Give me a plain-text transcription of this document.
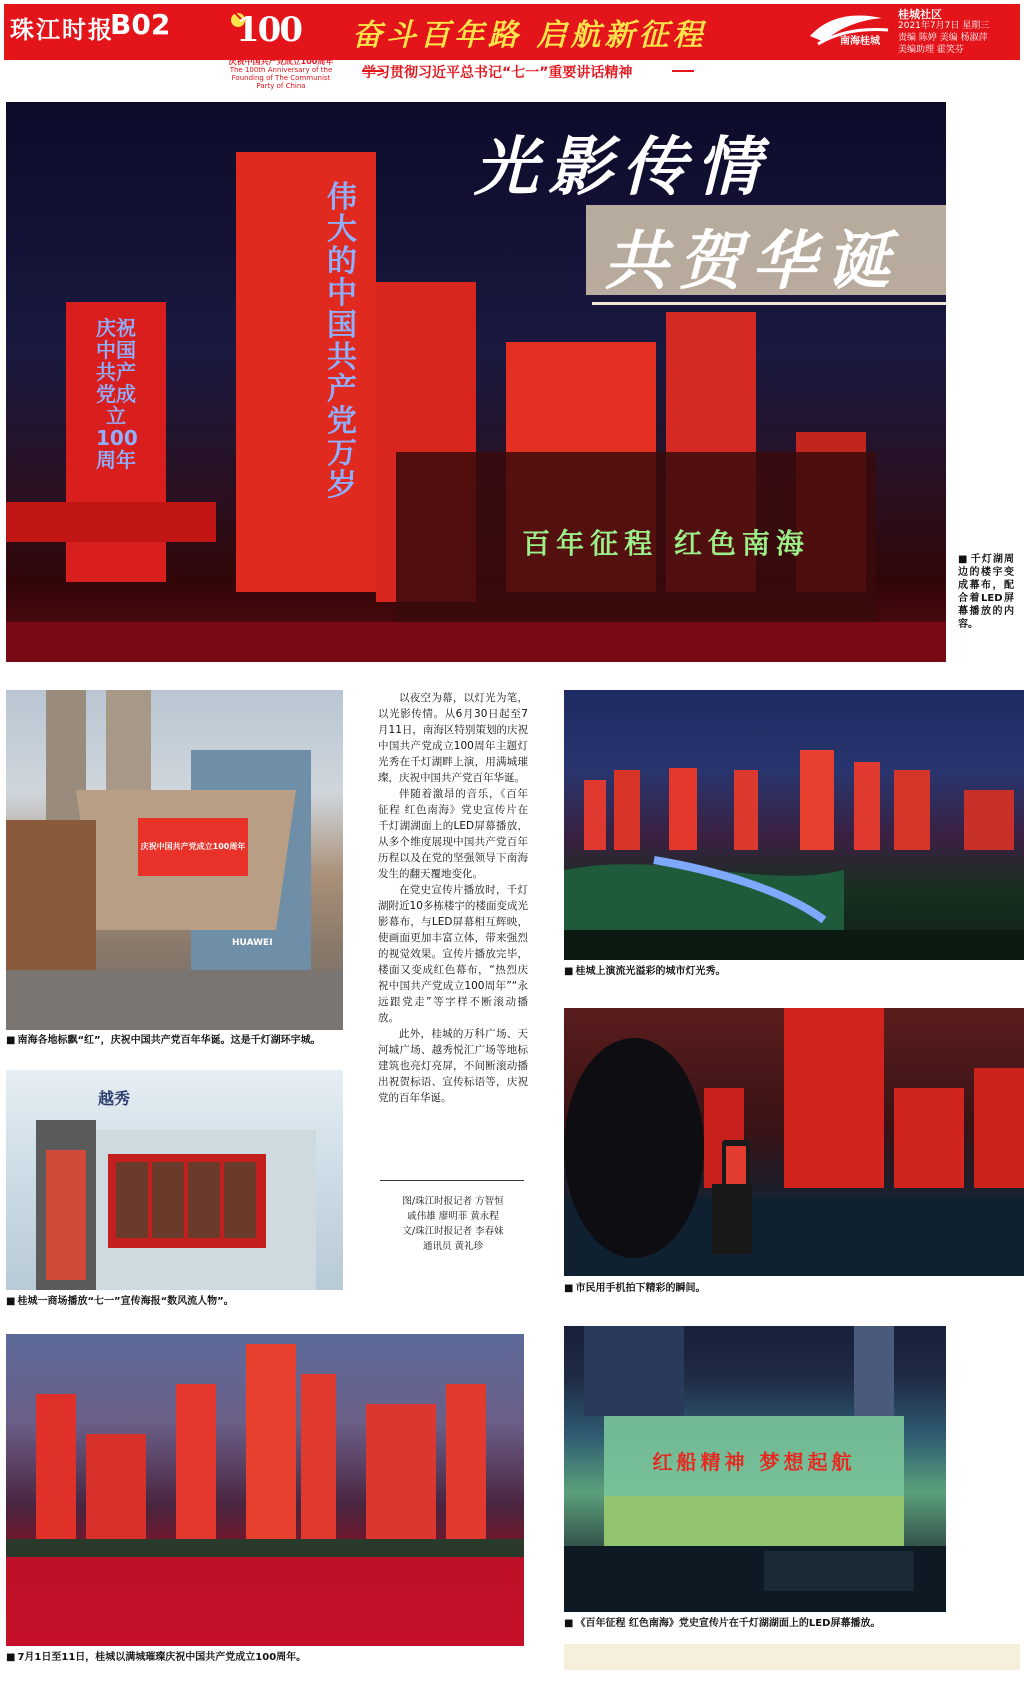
珠江时报
B02 100
庆祝中国共产党成立100周年
The 100th Anniversary of the Founding of The Communist Party of China
奋斗百年路 启航新征程
学习贯彻习近平总书记“七一”重要讲话精神
南海桂城
桂城社区
2021年7月7日 星期三
责编 陈婷 美编 杨淑萍
美编助理 霍笑芬
伟大的中国共产党万岁
庆祝中国共产党成立100周年
百年征程 红色南海
光影传情
共贺华诞
■ 千灯湖周边的楼宇变成幕布，配合着LED屏幕播放的内容。
庆祝中国共产党成立100周年
HUAWEI
■ 南海各地标飘“红”，庆祝中国共产党百年华诞。这是千灯湖环宇城。
越秀
■ 桂城一商场播放“七一”宣传海报“数风流人物”。

以夜空为幕，以灯光为笔，以光影传情。从6月30日起至7月11日，南海区特别策划的庆祝中国共产党成立100周年主题灯光秀在千灯湖畔上演，用满城璀璨，庆祝中国共产党百年华诞。

伴随着激昂的音乐，《百年征程 红色南海》党史宣传片在千灯湖湖面上的LED屏幕播放，从多个维度展现中国共产党百年历程以及在党的坚强领导下南海发生的翻天覆地变化。

在党史宣传片播放时，千灯湖附近10多栋楼宇的楼面变成光影幕布，与LED屏幕相互辉映，使画面更加丰富立体，带来强烈的视觉效果。宣传片播放完毕，楼面又变成红色幕布，“热烈庆祝中国共产党成立100周年”“永远跟党走”等字样不断滚动播放。

此外，桂城的万科广场、天河城广场、越秀悦汇广场等地标建筑也亮灯亮屏，不间断滚动播出祝贺标语、宣传标语等，庆祝党的百年华诞。

图/珠江时报记者 方智恒
戚伟雄 廖明菲 黄永程
文/珠江时报记者 李春妹
通讯员 黄礼珍
■ 桂城上演流光溢彩的城市灯光秀。
■ 市民用手机拍下精彩的瞬间。
■ 7月1日至11日，桂城以满城璀璨庆祝中国共产党成立100周年。
红船精神 梦想起航
■ 《百年征程 红色南海》党史宣传片在千灯湖湖面上的LED屏幕播放。
